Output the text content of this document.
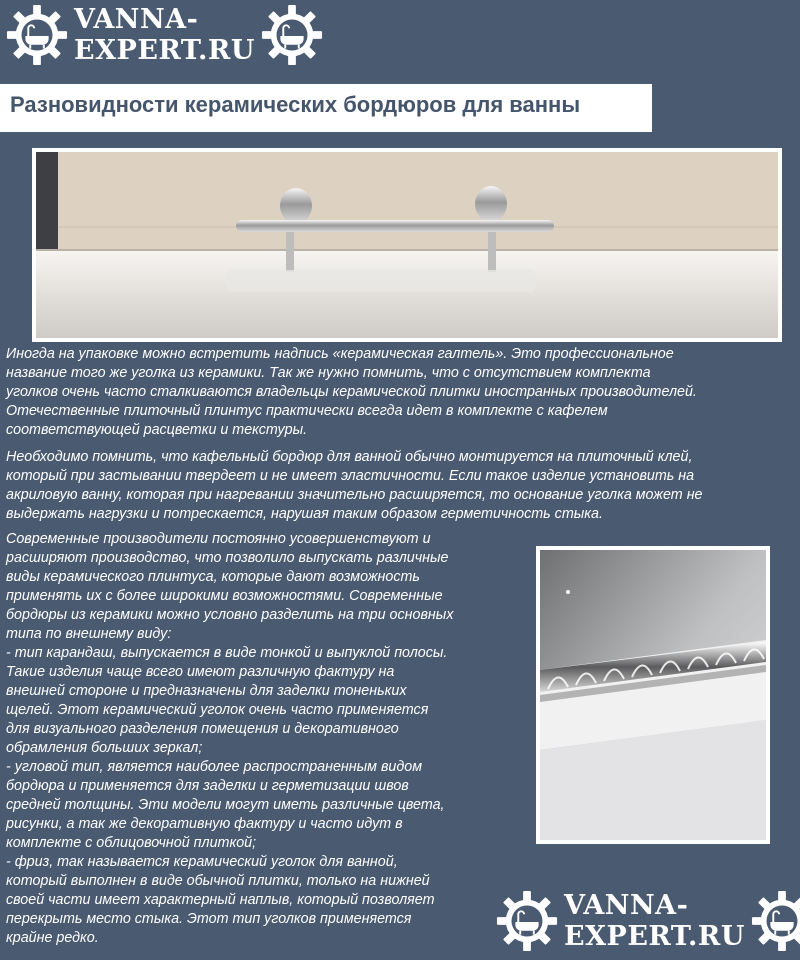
VANNA-
EXPERT.RU
Разновидности керамических бордюров для ванны

Иногда на упаковке можно встретить надпись «керамическая галтель». Это профессиональное
название того же уголка из керамики. Так же нужно помнить, что с отсутствием комплекта
уголков очень часто сталкиваются владельцы керамической плитки иностранных производителей.
Отечественные плиточный плинтус практически всегда идет в комплекте с кафелем
соответствующей расцветки и текстуры.

Необходимо помнить, что кафельный бордюр для ванной обычно монтируется на плиточный клей,
который при застывании твердеет и не имеет эластичности. Если такое изделие установить на
акриловую ванну, которая при нагревании значительно расширяется, то основание уголка может не
выдержать нагрузки и потрескается, нарушая таким образом герметичность стыка.

Современные производители постоянно усовершенствуют и
расширяют производство, что позволило выпускать различные
виды керамического плинтуса, которые дают возможность
применять их с более широкими возможностями. Современные
бордюры из керамики можно условно разделить на три основных
типа по внешнему виду:
- тип карандаш, выпускается в виде тонкой и выпуклой полосы.
Такие изделия чаще всего имеют различную фактуру на
внешней стороне и предназначены для заделки тоненьких
щелей. Этот керамический уголок очень часто применяется
для визуального разделения помещения и декоративного
обрамления больших зеркал;
- угловой тип, является наиболее распространенным видом
бордюра и применяется для заделки и герметизации швов
средней толщины. Эти модели могут иметь различные цвета,
рисунки, а так же декоративную фактуру и часто идут в
комплекте с облицовочной плиткой;
- фриз, так называется керамический уголок для ванной,
который выполнен в виде обычной плитки, только на нижней
своей части имеет характерный наплыв, который позволяет
перекрыть место стыка. Этот тип уголков применяется
крайне редко.

VANNA-
EXPERT.RU
